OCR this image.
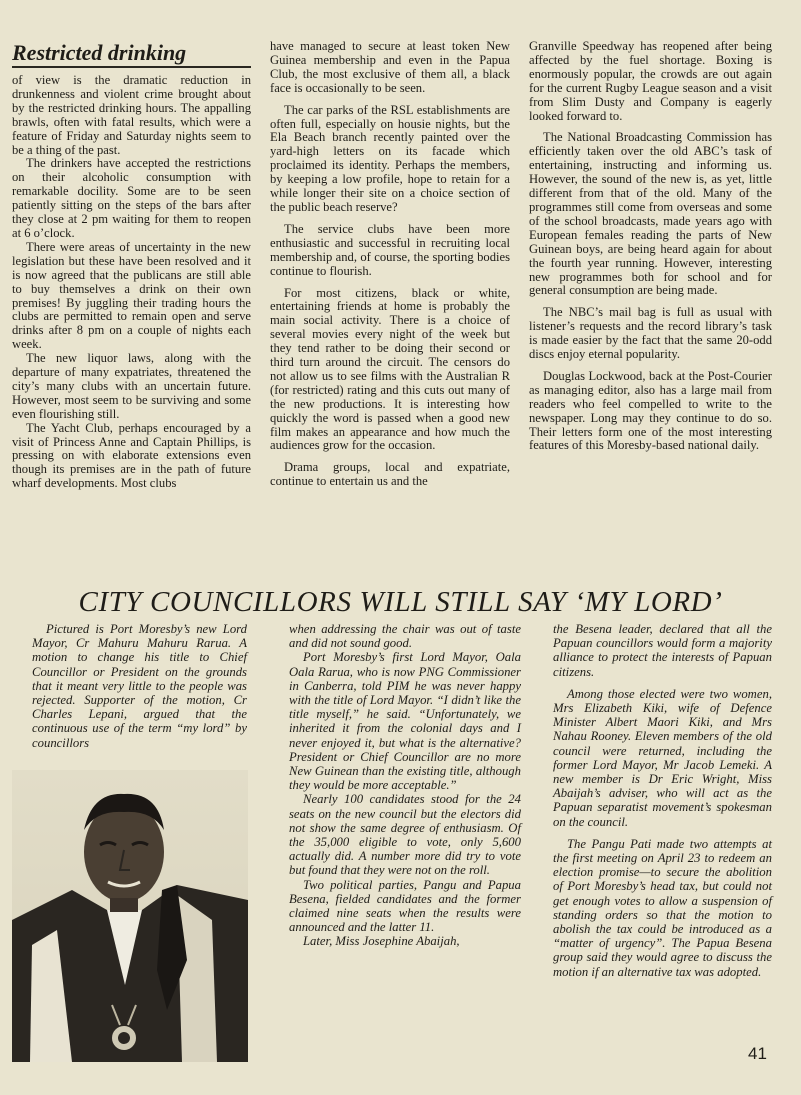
Restricted drinking

of view is the dramatic reduction in drunkenness and violent crime brought about by the restricted drinking hours. The appalling brawls, often with fatal results, which were a feature of Friday and Saturday nights seem to be a thing of the past.

The drinkers have accepted the restrictions on their alcoholic consumption with remarkable docility. Some are to be seen patiently sitting on the steps of the bars after they close at 2 pm waiting for them to reopen at 6 o’clock.

There were areas of uncertainty in the new legislation but these have been resolved and it is now agreed that the publicans are still able to buy themselves a drink on their own premises! By juggling their trading hours the clubs are permitted to remain open and serve drinks after 8 pm on a couple of nights each week.

The new liquor laws, along with the departure of many expatriates, threatened the city’s many clubs with an uncertain future. However, most seem to be surviving and some even flourishing still.

The Yacht Club, perhaps encouraged by a visit of Princess Anne and Captain Phillips, is pressing on with elaborate extensions even though its premises are in the path of future wharf developments. Most clubs

have managed to secure at least token New Guinea membership and even in the Papua Club, the most exclusive of them all, a black face is occasionally to be seen.

The car parks of the RSL establishments are often full, especially on housie nights, but the Ela Beach branch recently painted over the yard-high letters on its facade which proclaimed its identity. Perhaps the members, by keeping a low profile, hope to retain for a while longer their site on a choice section of the public beach reserve?

The service clubs have been more enthusiastic and successful in recruiting local membership and, of course, the sporting bodies continue to flourish.

For most citizens, black or white, entertaining friends at home is probably the main social activity. There is a choice of several movies every night of the week but they tend rather to be doing their second or third turn around the circuit. The censors do not allow us to see films with the Australian R (for restricted) rating and this cuts out many of the new productions. It is interesting how quickly the word is passed when a good new film makes an appearance and how much the audiences grow for the occasion.

Drama groups, local and expatriate, continue to entertain us and the

Granville Speedway has reopened after being affected by the fuel shortage. Boxing is enormously popular, the crowds are out again for the current Rugby League season and a visit from Slim Dusty and Company is eagerly looked forward to.

The National Broadcasting Commission has efficiently taken over the old ABC’s task of entertaining, instructing and informing us. However, the sound of the new is, as yet, little different from that of the old. Many of the programmes still come from overseas and some of the school broadcasts, made years ago with European females reading the parts of New Guinean boys, are being heard again for about the fourth year running. However, interesting new programmes both for school and for general consumption are being made.

The NBC’s mail bag is full as usual with listener’s requests and the record library’s task is made easier by the fact that the same 20-odd discs enjoy eternal popularity.

Douglas Lockwood, back at the Post-Courier as managing editor, also has a large mail from readers who feel compelled to write to the newspaper. Long may they continue to do so. Their letters form one of the most interesting features of this Moresby-based national daily.

CITY COUNCILLORS WILL STILL SAY ‘MY LORD’

Pictured is Port Moresby’s new Lord Mayor, Cr Mahuru Mahuru Rarua. A motion to change his title to Chief Councillor or President on the grounds that it meant very little to the people was rejected. Supporter of the motion, Cr Charles Lepani, argued that the continuous use of the term “my lord” by councillors

when addressing the chair was out of taste and did not sound good.

Port Moresby’s first Lord Mayor, Oala Oala Rarua, who is now PNG Commissioner in Canberra, told PIM he was never happy with the title of Lord Mayor. “I didn’t like the title myself,” he said. “Unfortunately, we inherited it from the colonial days and I never enjoyed it, but what is the alternative? President or Chief Councillor are no more New Guinean than the existing title, although they would be more acceptable.”

Nearly 100 candidates stood for the 24 seats on the new council but the electors did not show the same degree of enthusiasm. Of the 35,000 eligible to vote, only 5,600 actually did. A number more did try to vote but found that they were not on the roll.

Two political parties, Pangu and Papua Besena, fielded candidates and the former claimed nine seats when the results were announced and the latter 11.

Later, Miss Josephine Abaijah,

the Besena leader, declared that all the Papuan councillors would form a majority alliance to protect the interests of Papuan citizens.

Among those elected were two women, Mrs Elizabeth Kiki, wife of Defence Minister Albert Maori Kiki, and Mrs Nahau Rooney. Eleven members of the old council were returned, including the former Lord Mayor, Mr Jacob Lemeki. A new member is Dr Eric Wright, Miss Abaijah’s adviser, who will act as the Papuan separatist movement’s spokesman on the council.

The Pangu Pati made two attempts at the first meeting on April 23 to redeem an election promise—to secure the abolition of Port Moresby’s head tax, but could not get enough votes to allow a suspension of standing orders so that the motion to abolish the tax could be introduced as a “matter of urgency”. The Papua Besena group said they would agree to discuss the motion if an alternative tax was adopted.

41
